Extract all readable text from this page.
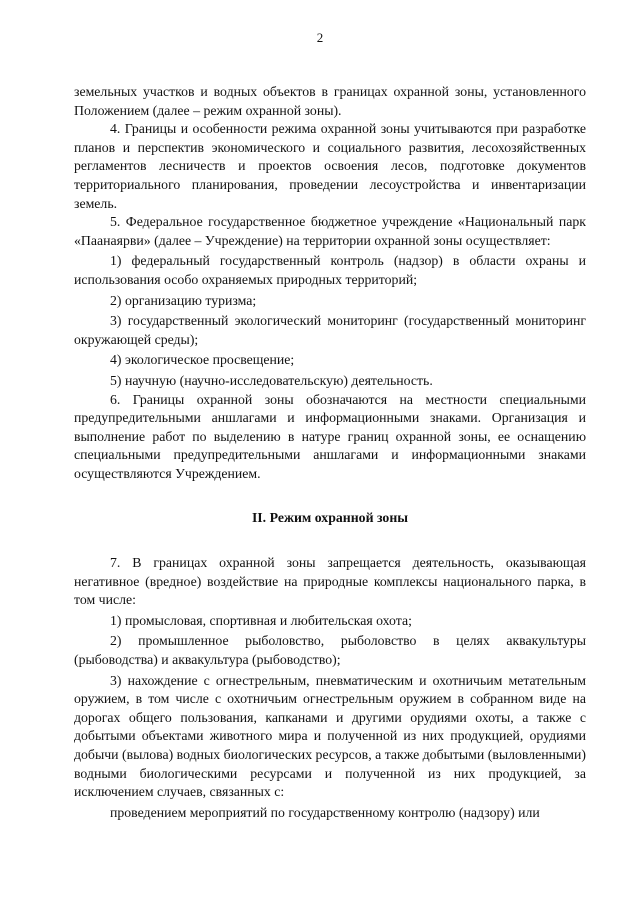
2

земельных участков и водных объектов в границах охранной зоны, установленного Положением (далее – режим охранной зоны).

4. Границы и особенности режима охранной зоны учитываются при разработке планов и перспектив экономического и социального развития, лесохозяйственных регламентов лесничеств и проектов освоения лесов, подготовке документов территориального планирования, проведении лесоустройства и инвентаризации земель.

5. Федеральное государственное бюджетное учреждение «Национальный парк «Паанаярви» (далее – Учреждение) на территории охранной зоны осуществляет:

1) федеральный государственный контроль (надзор) в области охраны и использования особо охраняемых природных территорий;

2) организацию туризма;

3) государственный экологический мониторинг (государственный мониторинг окружающей среды);

4) экологическое просвещение;

5) научную (научно-исследовательскую) деятельность.

6. Границы охранной зоны обозначаются на местности специальными предупредительными аншлагами и информационными знаками. Организация и выполнение работ по выделению в натуре границ охранной зоны, ее оснащению специальными предупредительными аншлагами и информационными знаками осуществляются Учреждением.

II. Режим охранной зоны

7. В границах охранной зоны запрещается деятельность, оказывающая негативное (вредное) воздействие на природные комплексы национального парка, в том числе:

1) промысловая, спортивная и любительская охота;

2) промышленное рыболовство, рыболовство в целях аквакультуры (рыбоводства) и аквакультура (рыбоводство);

3) нахождение с огнестрельным, пневматическим и охотничьим метательным оружием, в том числе с охотничьим огнестрельным оружием в собранном виде на дорогах общего пользования, капканами и другими орудиями охоты, а также с добытыми объектами животного мира и полученной из них продукцией, орудиями добычи (вылова) водных биологических ресурсов, а также добытыми (выловленными) водными биологическими ресурсами и полученной из них продукцией, за исключением случаев, связанных с:

проведением мероприятий по государственному контролю (надзору) или
